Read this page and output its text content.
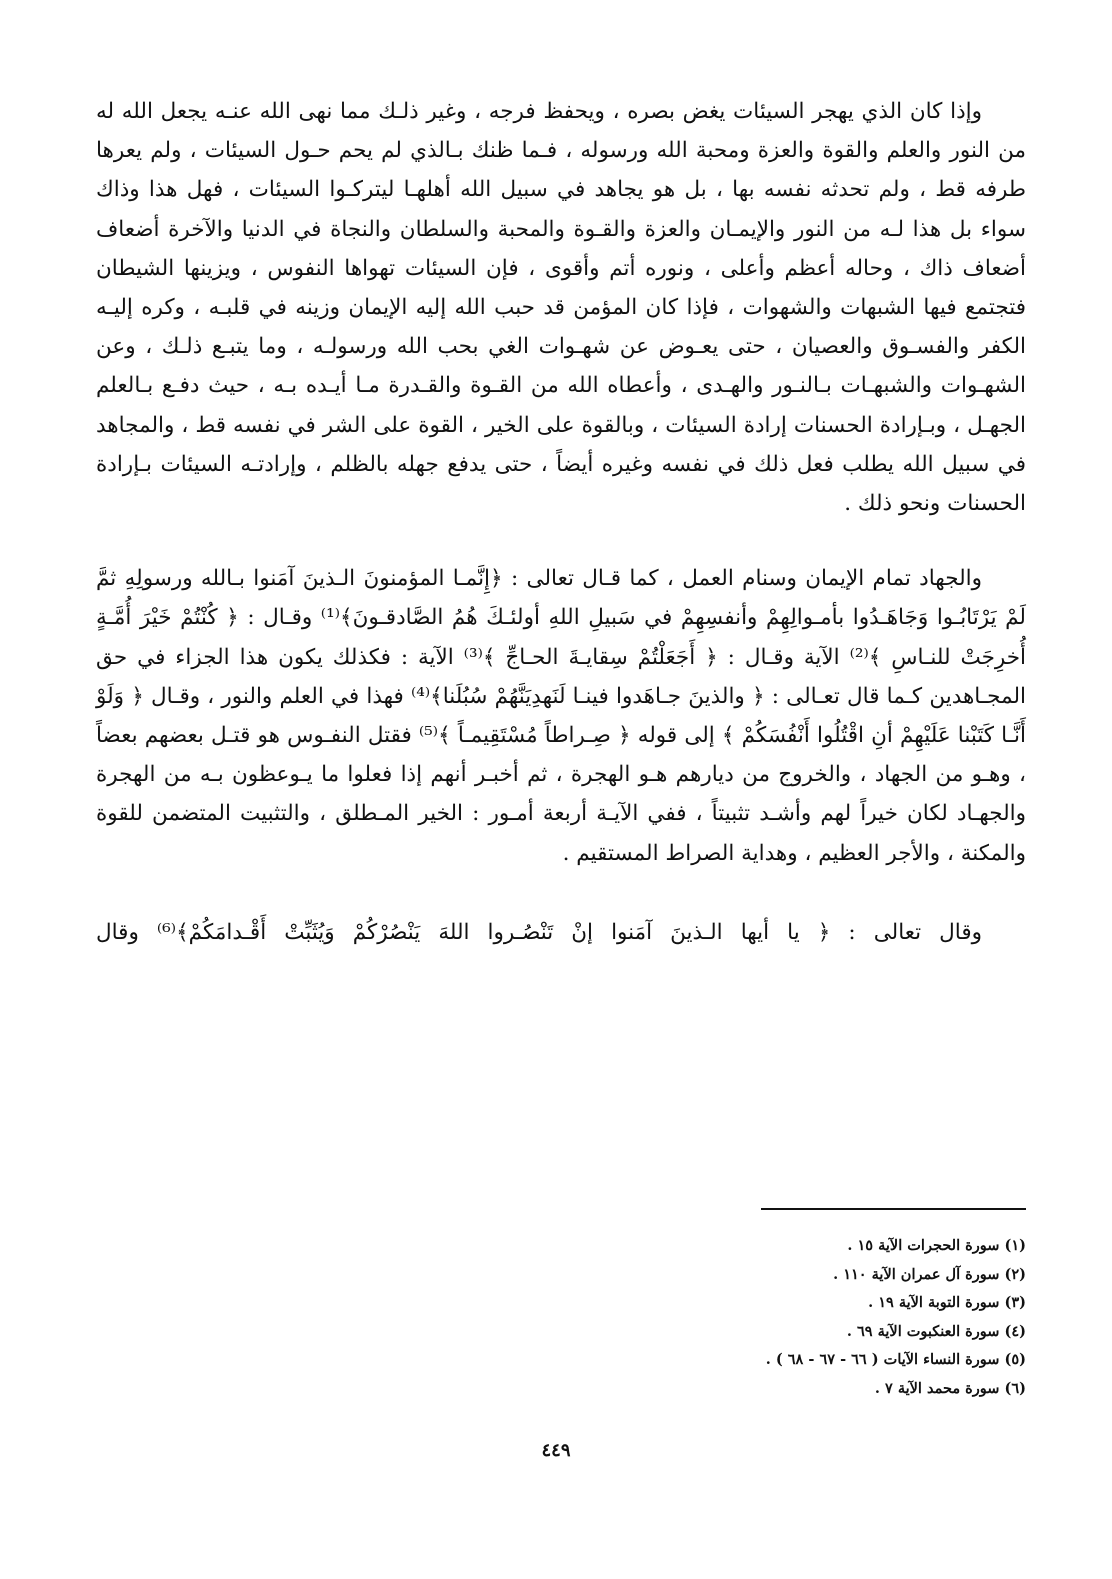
وإذا كان الذي يهجر السيئات يغض بصره ، ويحفظ فرجه ، وغير ذلـك مما نهى الله عنـه يجعل الله له من النور والعلم والقوة والعزة ومحبة الله ورسوله ، فـما ظنك بـالذي لم يحم حـول السيئات ، ولم يعرها طرفه قط ، ولم تحدثه نفسه بها ، بل هو يجاهد في سبيل الله أهلهـا ليتركـوا السيئات ، فهل هذا وذاك سواء بل هذا لـه من النور والإيمـان والعزة والقـوة والمحبة والسلطان والنجاة في الدنيا والآخرة أضعاف أضعاف ذاك ، وحاله أعظم وأعلى ، ونوره أتم وأقوى ، فإن السيئات تهواها النفوس ، ويزينها الشيطان فتجتمع فيها الشبهات والشهوات ، فإذا كان المؤمن قد حبب الله إليه الإيمان وزينه في قلبـه ، وكره إليـه الكفر والفسـوق والعصيان ، حتى يعـوض عن شهـوات الغي بحب الله ورسولـه ، وما يتبـع ذلـك ، وعن الشهـوات والشبهـات بـالنـور والهـدى ، وأعطاه الله من القـوة والقـدرة مـا أيـده بـه ، حيث دفـع بـالعلم الجهـل ، وبـإرادة الحسنات إرادة السيئات ، وبالقوة على الخير ، القوة على الشر في نفسه قط ، والمجاهد في سبيل الله يطلب فعل ذلك في نفسه وغيره أيضاً ، حتى يدفع جهله بالظلم ، وإرادتـه السيئات بـإرادة الحسنات ونحو ذلك .

والجهاد تمام الإيمان وسنام العمل ، كما قـال تعالى : ﴿إِنَّمـا المؤمنونَ الـذينَ آمَنوا بـالله ورسولِهِ ثمَّ لَمْ يَرْتَابُـوا وَجَاهَـدُوا بأمـوالِهِمْ وأنفسِهِمْ في سَبيلِ اللهِ أولئـكَ هُمُ الصَّادقـونَ﴾⁽¹⁾ وقـال : ﴿ كُنْتُمْ خَيْرَ أُمَّـةٍ أُخرِجَتْ للنـاسِ ﴾⁽²⁾ الآية وقـال : ﴿ أَجَعَلْتُمْ سِقايـةَ الحـاجِّ ﴾⁽³⁾ الآية : فكذلك يكون هذا الجزاء في حق المجـاهدين كـما قال تعـالى : ﴿ والذينَ جـاهَدوا فينـا لَنَهدِيَنَّهُمْ سُبُلَنا﴾⁽⁴⁾ فهذا في العلم والنور ، وقـال ﴿ وَلَوْ أَنَّـا كَتَبْنا عَلَيْهِمْ أنِ اقْتُلُوا أَنْفُسَكُمْ ﴾ إلى قوله ﴿ صِـراطاً مُسْتَقِيمـاً ﴾⁽⁵⁾ فقتل النفـوس هو قتـل بعضهم بعضاً ، وهـو من الجهاد ، والخروج من ديارهم هـو الهجرة ، ثم أخبـر أنهم إذا فعلوا ما يـوعظون بـه من الهجرة والجهـاد لكان خيراً لهم وأشـد تثبيتاً ، ففي الآيـة أربعة أمـور : الخير المـطلق ، والتثبيت المتضمن للقوة والمكنة ، والأجر العظيم ، وهداية الصراط المستقيم .

وقال تعالى : ﴿ يا أيها الـذينَ آمَنوا إنْ تَنْصُـروا اللهَ يَنْصُرْكُمْ وَيُثَبِّتْ أَقْـدامَكُمْ﴾⁽⁶⁾ وقال

(١) سورة الحجرات الآية ١٥ .
(٢) سورة آل عمران الآية ١١٠ .
(٣) سورة التوبة الآية ١٩ .
(٤) سورة العنكبوت الآية ٦٩ .
(٥) سورة النساء الآيات ( ٦٦ - ٦٧ - ٦٨ ) .
(٦) سورة محمد الآية ٧ .
٤٤٩
